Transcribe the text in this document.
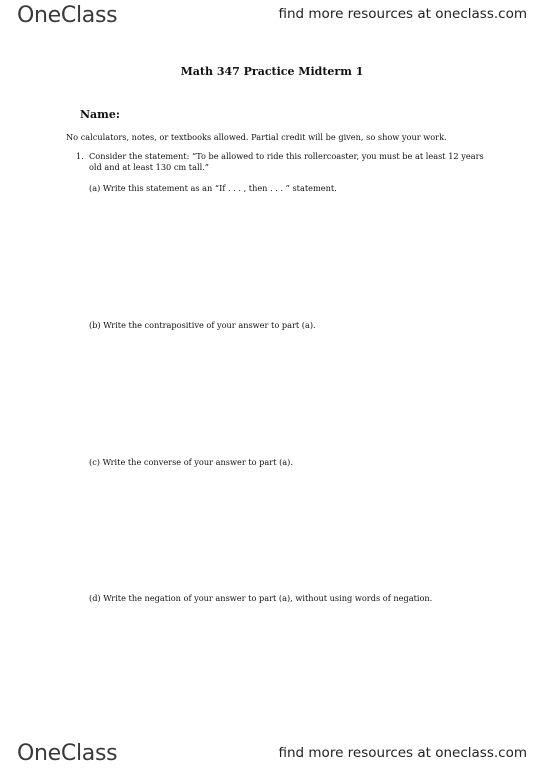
OneClass	find more resources at oneclass.com
Math 347 Practice Midterm 1
Name:
No calculators, notes, or textbooks allowed. Partial credit will be given, so show your work.
1. Consider the statement: “To be allowed to ride this rollercoaster, you must be at least 12 years old and at least 130 cm tall.”
(a) Write this statement as an “If . . . , then . . . ” statement.
(b) Write the contrapositive of your answer to part (a).
(c) Write the converse of your answer to part (a).
(d) Write the negation of your answer to part (a), without using words of negation.
OneClass	find more resources at oneclass.com
